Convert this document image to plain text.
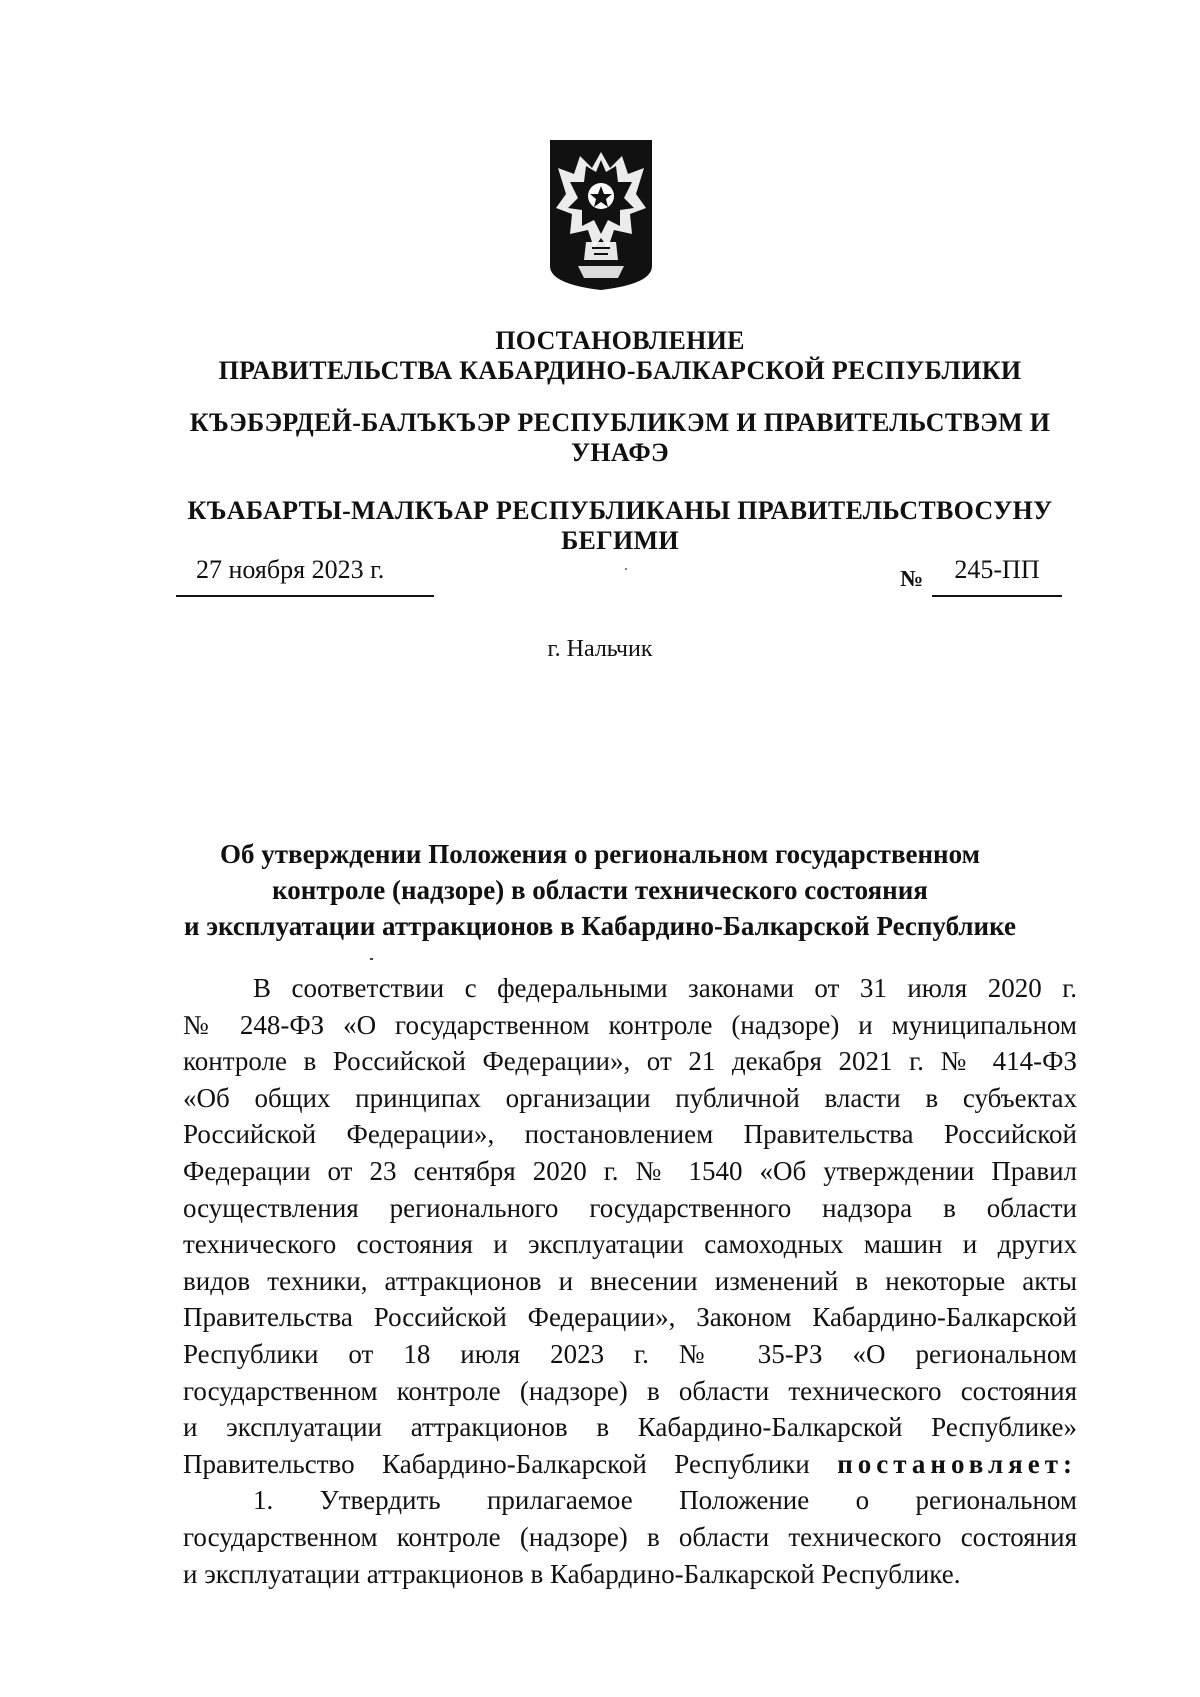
ПОСТАНОВЛЕНИЕ
ПРАВИТЕЛЬСТВА КАБАРДИНО-БАЛКАРСКОЙ РЕСПУБЛИКИ
КЪЭБЭРДЕЙ-БАЛЪКЪЭР РЕСПУБЛИКЭМ И ПРАВИТЕЛЬСТВЭМ И
УНАФЭ
КЪАБАРТЫ-МАЛКЪАР РЕСПУБЛИКАНЫ ПРАВИТЕЛЬСТВОСУНУ
БЕГИМИ
27 ноября 2023 г.	№	245-ПП
г. Нальчик
Об утверждении Положения о региональном государственном
контроле (надзоре) в области технического состояния
и эксплуатации аттракционов в Кабардино-Балкарской Республике
В соответствии с федеральными законами от 31 июля 2020 г.
№ 248-ФЗ «О государственном контроле (надзоре) и муниципальном
контроле в Российской Федерации», от 21 декабря 2021 г. № 414-ФЗ
«Об общих принципах организации публичной власти в субъектах
Российской Федерации», постановлением Правительства Российской
Федерации от 23 сентября 2020 г. № 1540 «Об утверждении Правил
осуществления регионального государственного надзора в области
технического состояния и эксплуатации самоходных машин и других
видов техники, аттракционов и внесении изменений в некоторые акты
Правительства Российской Федерации», Законом Кабардино-Балкарской
Республики от 18 июля 2023 г. № 35-РЗ «О региональном
государственном контроле (надзоре) в области технического состояния
и эксплуатации аттракционов в Кабардино-Балкарской Республике»
Правительство Кабардино-Балкарской Республики постановляет:
1. Утвердить прилагаемое Положение о региональном
государственном контроле (надзоре) в области технического состояния
и эксплуатации аттракционов в Кабардино-Балкарской Республике.
